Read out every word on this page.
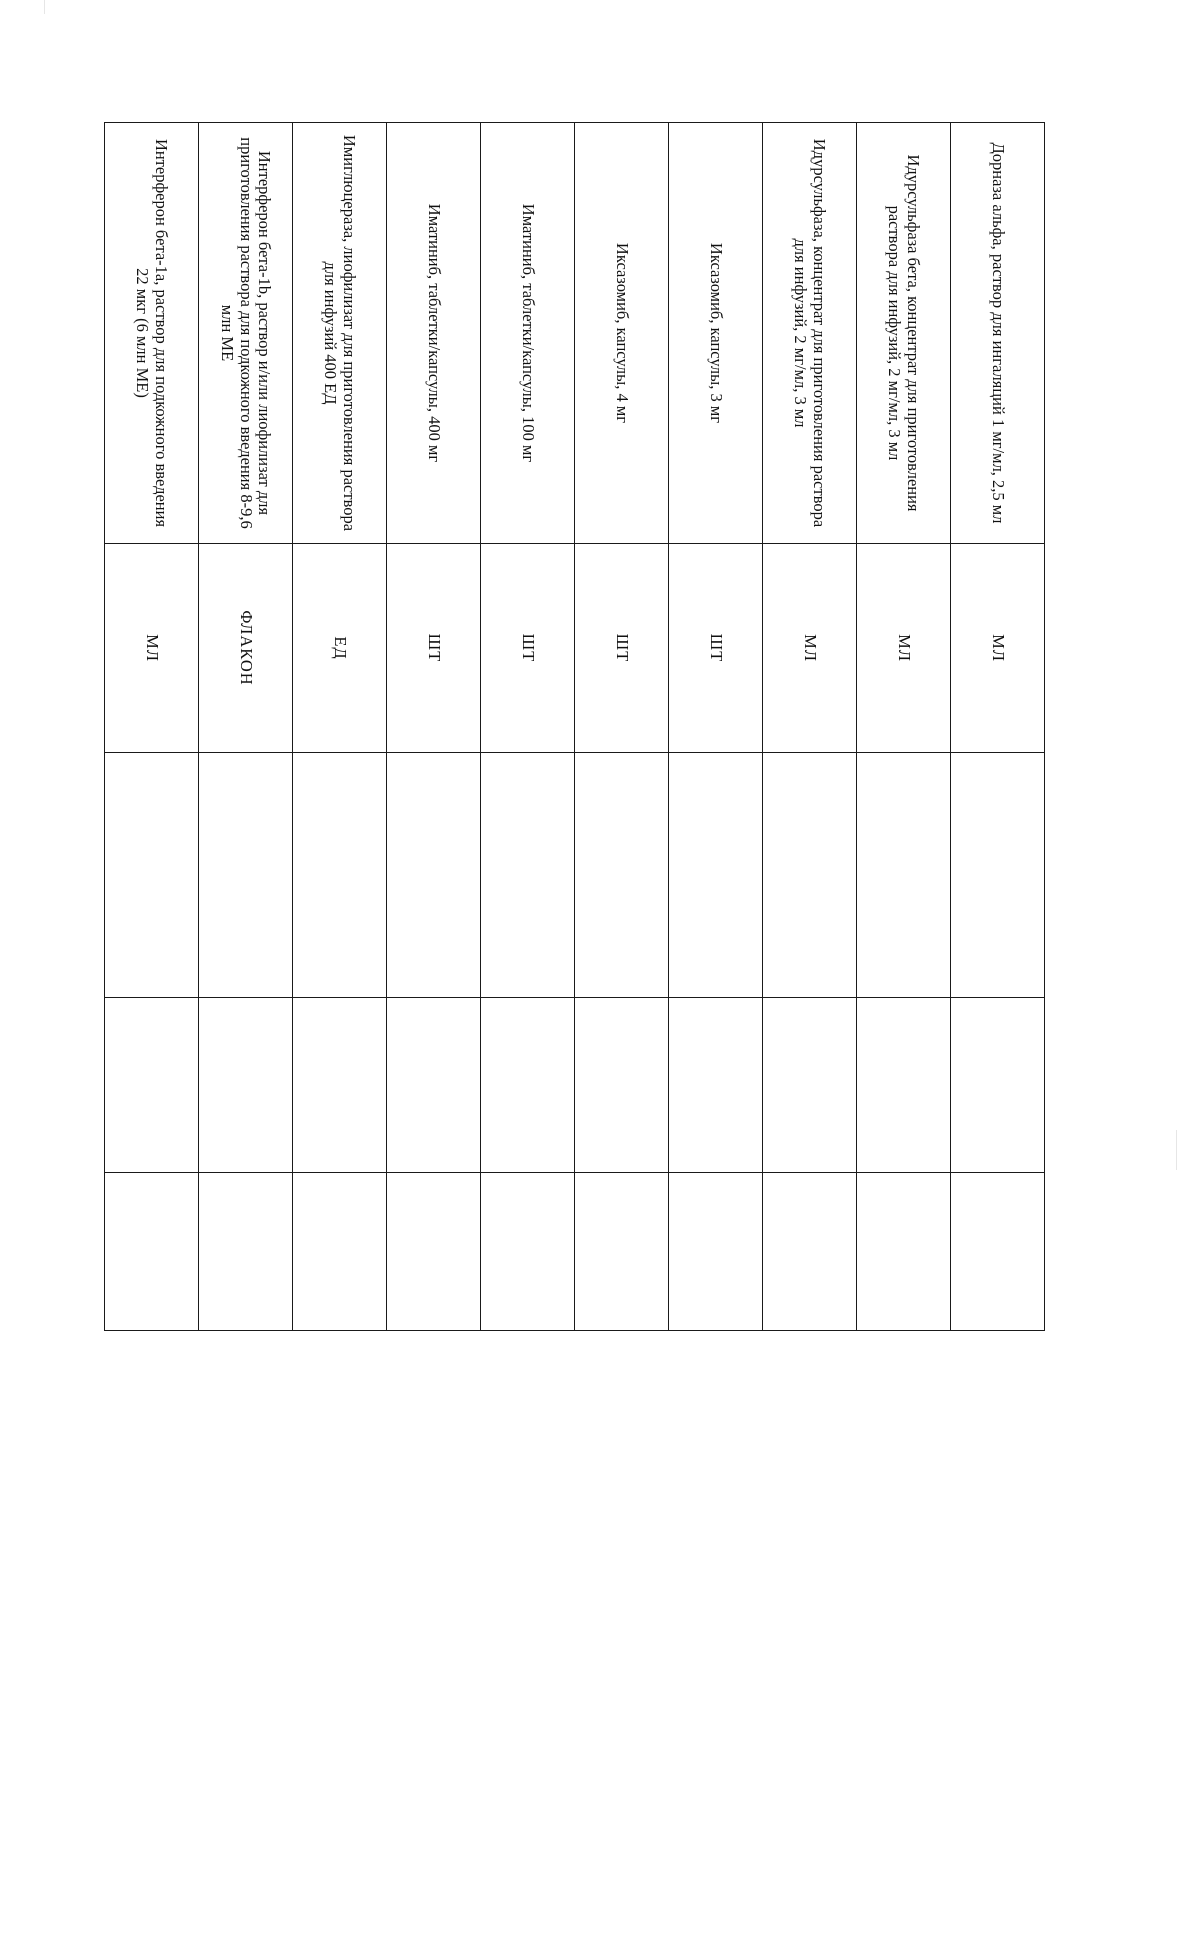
Дорназа альфа, раствор для ингаляций 1 мг/мл, 2,5 мл	МЛ			
Идурсульфаза бета, концентрат для приготовления раствора для инфузий, 2 мг/мл, 3 мл	МЛ			
Идурсульфаза, концентрат для приготовления раствора для инфузий, 2 мг/мл, 3 мл	МЛ			
Иксазомиб, капсулы, 3 мг	ШТ			
Иксазомиб, капсулы, 4 мг	ШТ			
Иматиниб, таблетки/капсулы, 100 мг	ШТ			
Иматиниб, таблетки/капсулы, 400 мг	ШТ			
Имиглюцераза, лиофилизат для приготовления раствора для инфузий 400 ЕД	ЕД			
Интерферон бета-1b, раствор и/или лиофилизат для приготовления раствора для подкожного введения 8-9,6 млн МЕ	ФЛАКОН			
Интерферон бета-1a, раствор для подкожного введения 22 мкг (6 млн МЕ)	МЛ			
